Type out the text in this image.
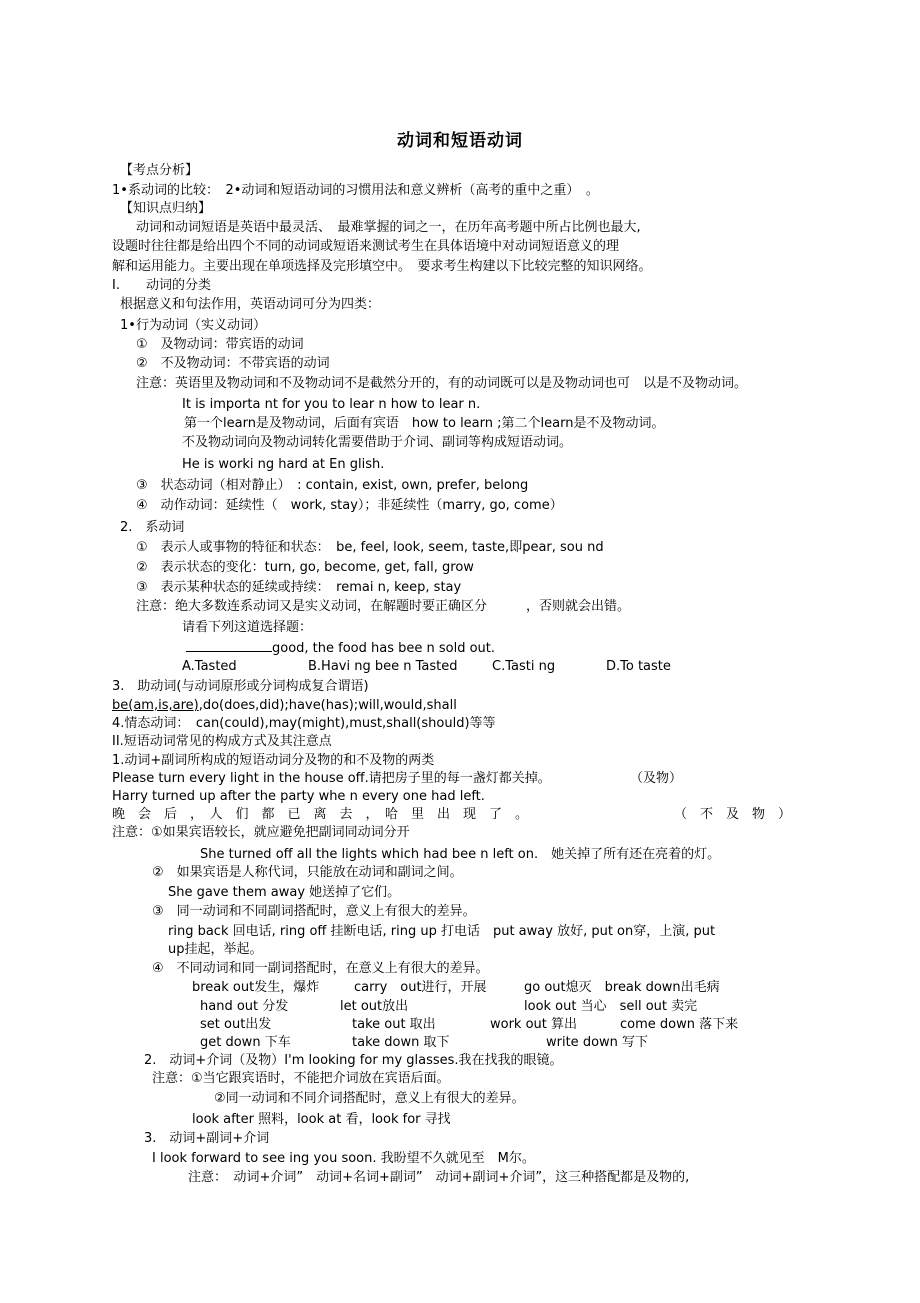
动词和短语动词
【考点分析】
1•系动词的比较：　2•动词和短语动词的习惯用法和意义辨析（高考的重中之重）　。
【知识点归纳】
动词和动词短语是英语中最灵活、　最难掌握的词之一，在历年高考题中所占比例也最大,
设题时往往都是给出四个不同的动词或短语来测试考生在具体语境中对动词短语意义的理
解和运用能力。主要出现在单项选择及完形填空中。　要求考生构建以下比较完整的知识网络。
I.　　动词的分类
根据意义和句法作用，英语动词可分为四类：
1•行为动词（实义动词）
①　及物动词：带宾语的动词
②　不及物动词：不带宾语的动词
注意：英语里及物动词和不及物动词不是截然分开的，有的动词既可以是及物动词也可　以是不及物动词。
It is importa nt for you to lear n how to lear n.
第一个learn是及物动词，后面有宾语　how to learn ;第二个learn是不及物动词。
不及物动词向及物动词转化需要借助于介词、副词等构成短语动词。
He is worki ng hard at En glish.
③　状态动词（相对静止）　: contain, exist, own, prefer, belong
④　动作动词：延续性（　work, stay）；非延续性（marry, go, come）
2.　系动词
①　表示人或事物的特征和状态：　be, feel, look, seem, taste,即pear, sou nd
②　表示状态的变化：turn, go, become, get, fall, grow
③　表示某种状态的延续或持续：　remai n, keep, stay
注意：绝大多数连系动词又是实义动词，在解题时要正确区分　　　，否则就会出错。
请看下列这道选择题：
good, the food has bee n sold out.
A.Tasted	B.Havi ng bee n Tasted	C.Tasti ng	D.To taste
3.　助动词(与动词原形或分词构成复合谓语)
be(am,is,are),do(does,did);have(has);will,would,shall
4.情态动词：　can(could),may(might),must,shall(should)等等
II.短语动词常见的构成方式及其注意点
1.动词+副词所构成的短语动词分及物的和不及物的两类
Please turn every light in the house off.请把房子里的每一盏灯都关掉。	（及物）
Harry turned up after the party whe n every one had left.
晚　会　后　，　人　们　都　已　离　去　，　哈　里　出　现　了　。	（　不　及　物　）
注意：①如果宾语较长，就应避免把副词同动词分开
She turned off all the lights which had bee n left on.　她关掉了所有还在亮着的灯。
②　如果宾语是人称代词，只能放在动词和副词之间。
She gave them away 她送掉了它们。
③　同一动词和不同副词搭配时，意义上有很大的差异。
ring back 回电话, ring off 挂断电话, ring up 打电话　put away 放好, put on穿，上演, put
up挂起，举起。
④　不同动词和同一副词搭配时，在意义上有很大的差异。
break out发生，爆炸	carry　out进行，开展	go out熄灭　break down出毛病
hand out 分发	let out放出	look out 当心　sell out 卖完
set out出发	take out 取出	work out 算出	come down 落下来
get down 下车	take down 取下	write down 写下
2.　动词+介词（及物）I'm looking for my glasses.我在找我的眼镜。
注意：①当它跟宾语时，不能把介词放在宾语后面。
②同一动词和不同介词搭配时，意义上有很大的差异。
look after 照料，look at 看，look for 寻找
3.　动词+副词+介词
I look forward to see ing you soon. 我盼望不久就见至　M尔。
注意：　动词+介词”　动词+名词+副词”　动词+副词+介词”，这三种搭配都是及物的,
